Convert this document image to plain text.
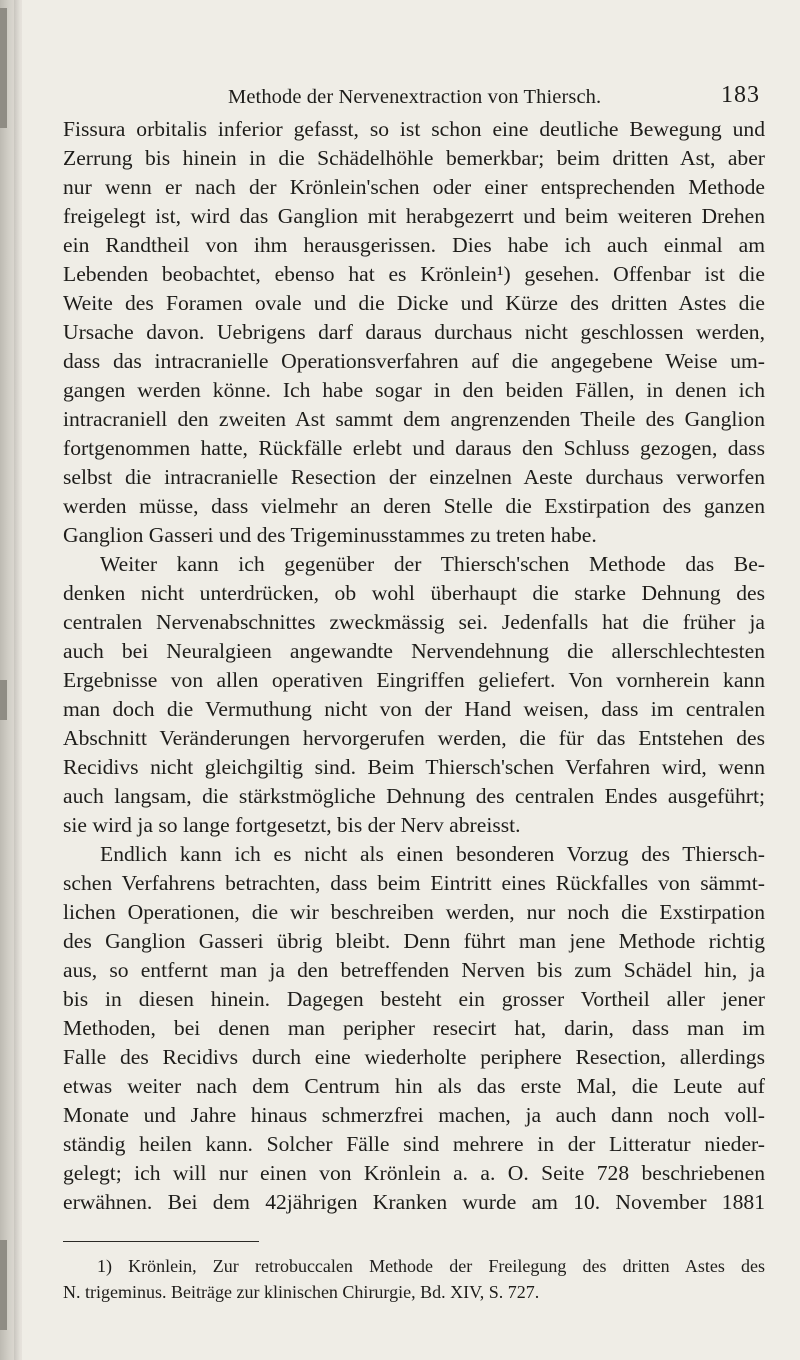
Methode der Nervenextraction von Thiersch.	183
Fissura orbitalis inferior gefasst, so ist schon eine deutliche Bewegung und
Zerrung bis hinein in die Schädelhöhle bemerkbar; beim dritten Ast, aber
nur wenn er nach der Krönlein'schen oder einer entsprechenden Methode
freigelegt ist, wird das Ganglion mit herabgezerrt und beim weiteren Drehen
ein Randtheil von ihm herausgerissen. Dies habe ich auch einmal am
Lebenden beobachtet, ebenso hat es Krönlein¹) gesehen. Offenbar ist die
Weite des Foramen ovale und die Dicke und Kürze des dritten Astes die
Ursache davon. Uebrigens darf daraus durchaus nicht geschlossen werden,
dass das intracranielle Operationsverfahren auf die angegebene Weise um-
gangen werden könne. Ich habe sogar in den beiden Fällen, in denen ich
intracraniell den zweiten Ast sammt dem angrenzenden Theile des Ganglion
fortgenommen hatte, Rückfälle erlebt und daraus den Schluss gezogen, dass
selbst die intracranielle Resection der einzelnen Aeste durchaus verworfen
werden müsse, dass vielmehr an deren Stelle die Exstirpation des ganzen
Ganglion Gasseri und des Trigeminusstammes zu treten habe.
Weiter kann ich gegenüber der Thiersch'schen Methode das Be-
denken nicht unterdrücken, ob wohl überhaupt die starke Dehnung des
centralen Nervenabschnittes zweckmässig sei. Jedenfalls hat die früher ja
auch bei Neuralgieen angewandte Nervendehnung die allerschlechtesten
Ergebnisse von allen operativen Eingriffen geliefert. Von vornherein kann
man doch die Vermuthung nicht von der Hand weisen, dass im centralen
Abschnitt Veränderungen hervorgerufen werden, die für das Entstehen des
Recidivs nicht gleichgiltig sind. Beim Thiersch'schen Verfahren wird, wenn
auch langsam, die stärkstmögliche Dehnung des centralen Endes ausgeführt;
sie wird ja so lange fortgesetzt, bis der Nerv abreisst.
Endlich kann ich es nicht als einen besonderen Vorzug des Thiersch-
schen Verfahrens betrachten, dass beim Eintritt eines Rückfalles von sämmt-
lichen Operationen, die wir beschreiben werden, nur noch die Exstirpation
des Ganglion Gasseri übrig bleibt. Denn führt man jene Methode richtig
aus, so entfernt man ja den betreffenden Nerven bis zum Schädel hin, ja
bis in diesen hinein. Dagegen besteht ein grosser Vortheil aller jener
Methoden, bei denen man peripher resecirt hat, darin, dass man im
Falle des Recidivs durch eine wiederholte periphere Resection, allerdings
etwas weiter nach dem Centrum hin als das erste Mal, die Leute auf
Monate und Jahre hinaus schmerzfrei machen, ja auch dann noch voll-
ständig heilen kann. Solcher Fälle sind mehrere in der Litteratur nieder-
gelegt; ich will nur einen von Krönlein a. a. O. Seite 728 beschriebenen
erwähnen. Bei dem 42jährigen Kranken wurde am 10. November 1881
1) Krönlein, Zur retrobuccalen Methode der Freilegung des dritten Astes des
N. trigeminus. Beiträge zur klinischen Chirurgie, Bd. XIV, S. 727.
